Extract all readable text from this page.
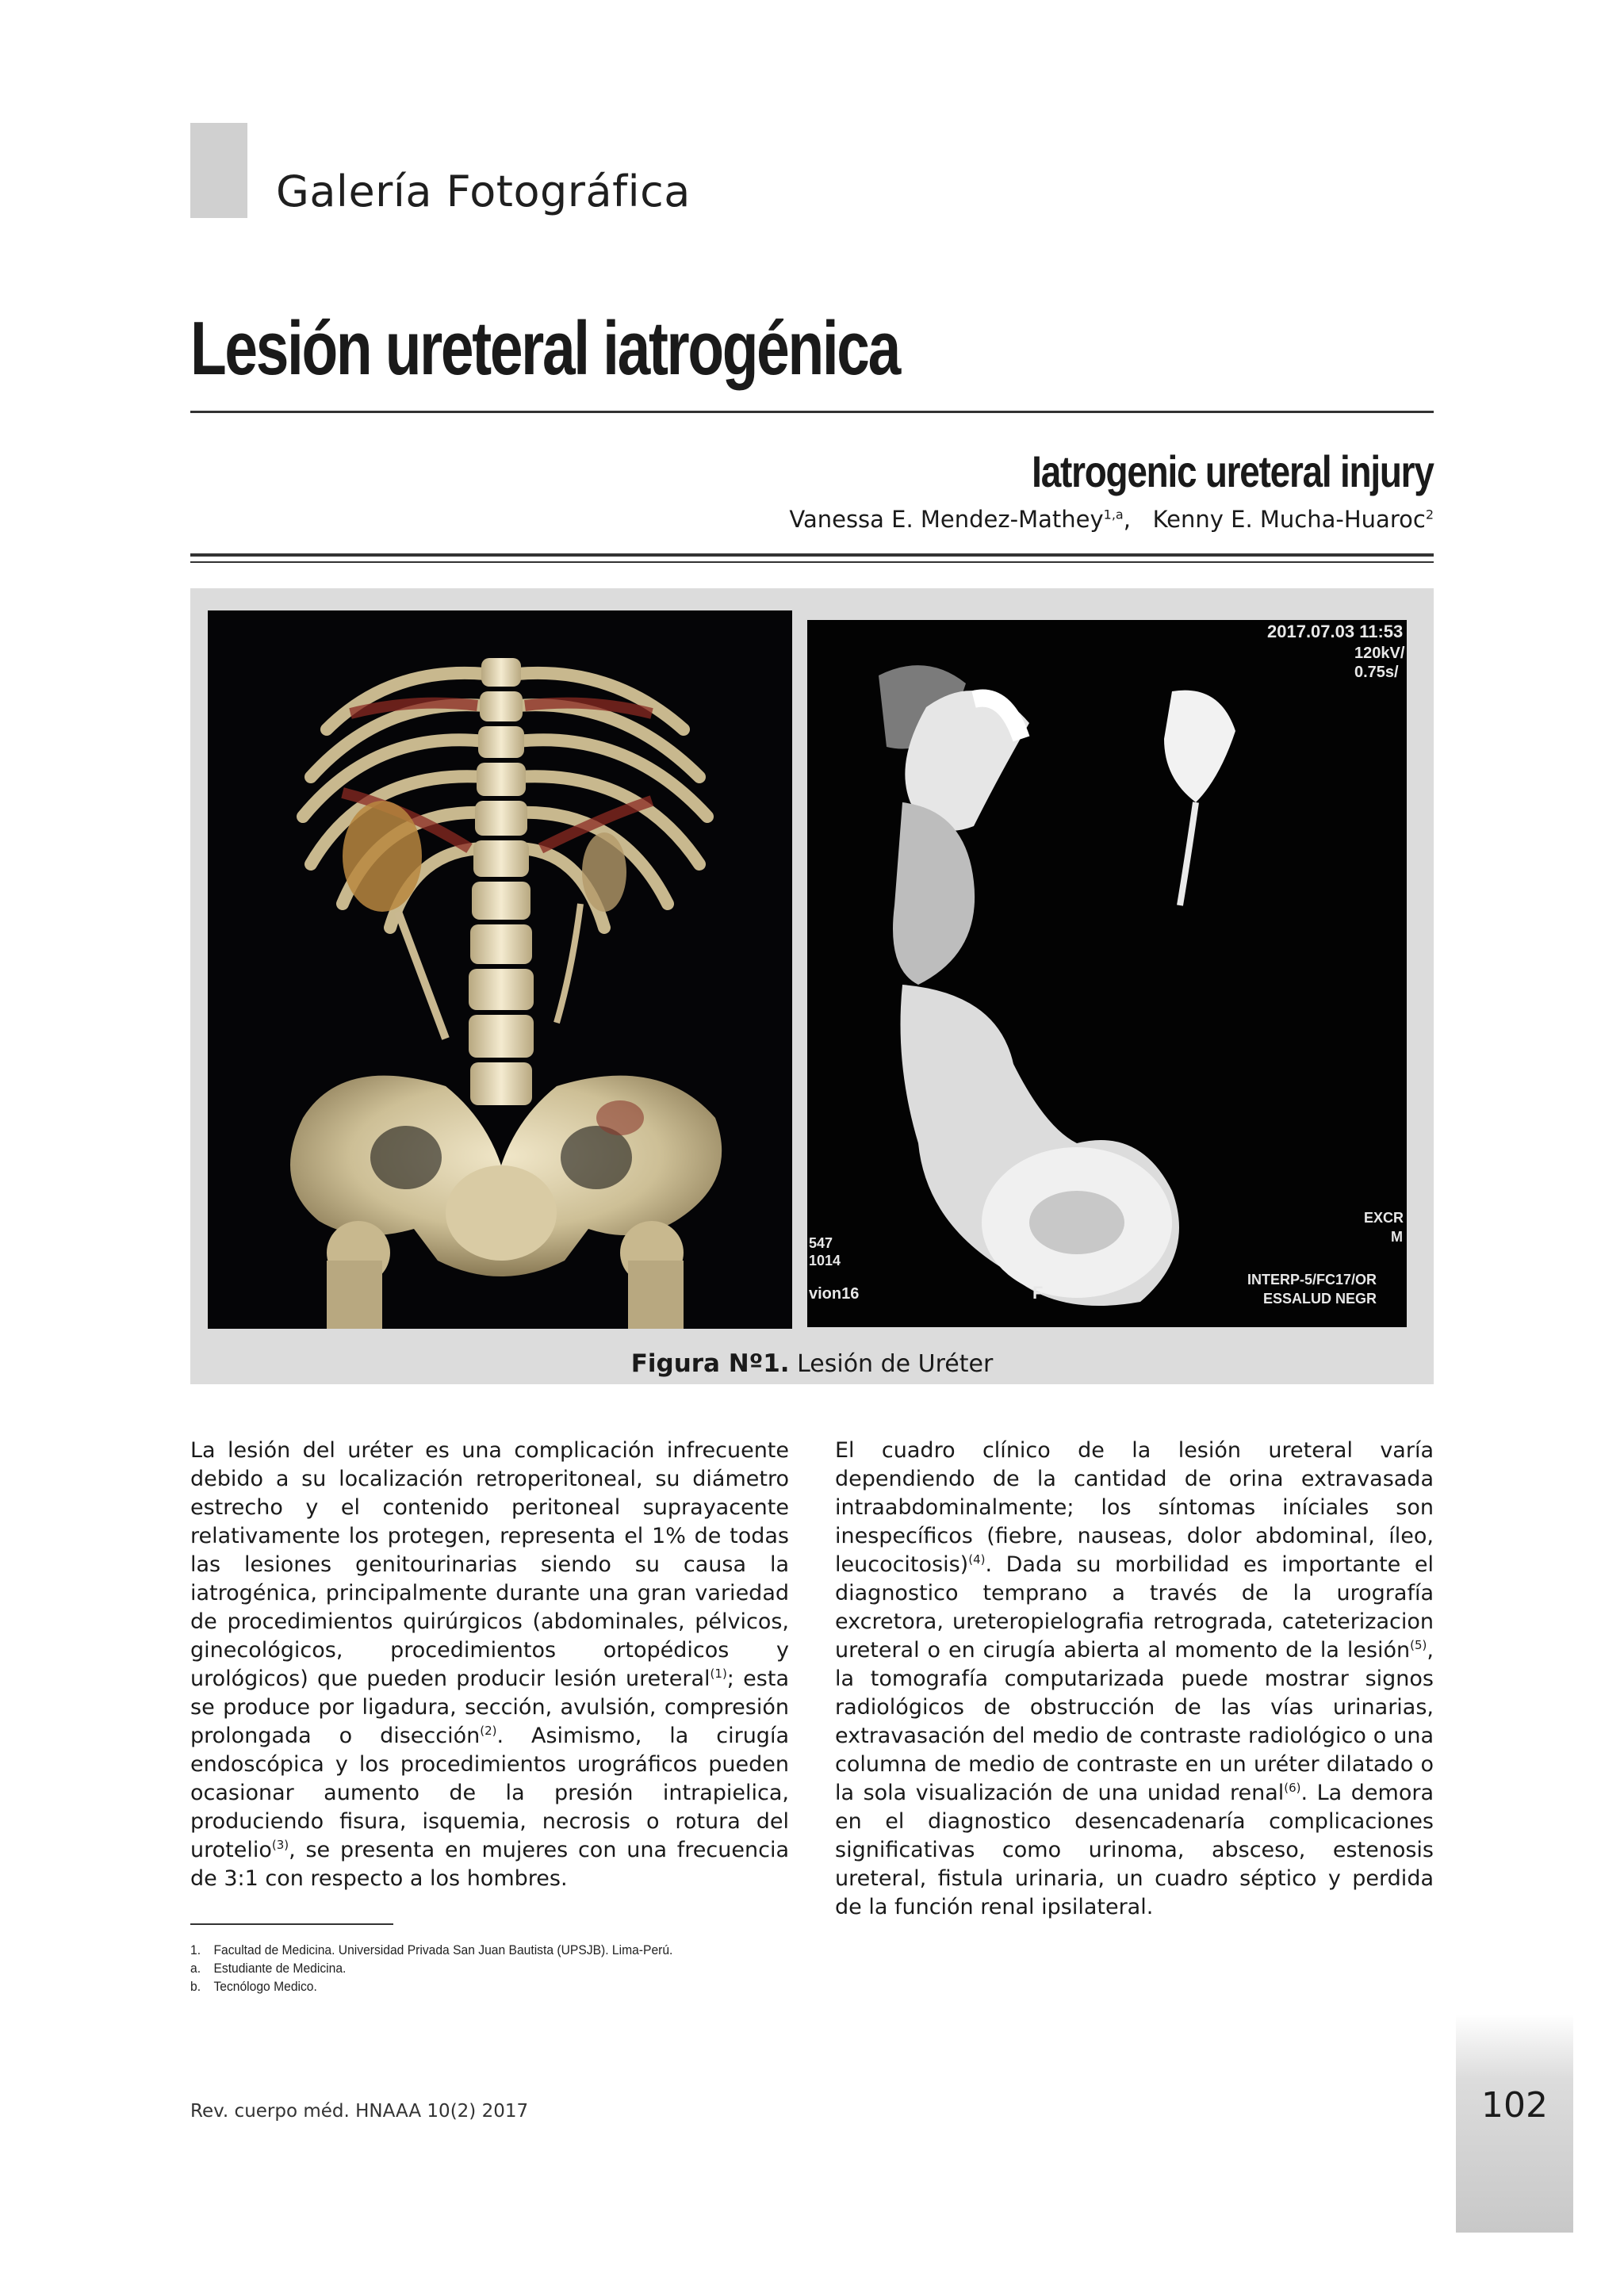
Galería Fotográfica
Lesión ureteral iatrogénica
Iatrogenic ureteral injury
Vanessa E. Mendez-Mathey$^{1,a}$,   Kenny E. Mucha-Huaroc$^2$
2017.07.03 11:53
120kV/
0.75s/
547
1014
vion16	F
EXCR
M
INTERP-5/FC17/OR
ESSALUD NEGR
Figura Nº1. Lesión de Uréter
La lesión del uréter es una complicación infrecuente debido a su localización retroperitoneal, su diámetro estrecho y el contenido peritoneal suprayacente relativamente los protegen, representa el 1% de todas las lesiones genitourinarias siendo su causa la iatrogénica, principalmente durante una gran variedad de procedimientos quirúrgicos (abdominales, pélvicos, ginecológicos, procedimientos ortopédicos y urológicos) que pueden producir lesión ureteral$^{(1)}$; esta se produce por ligadura, sección, avulsión, compresión prolongada o disección$^{(2)}$. Asimismo, la cirugía endoscópica y los procedimientos urográficos pueden ocasionar aumento de la presión intrapielica, produciendo fisura, isquemia, necrosis o rotura del urotelio$^{(3)}$, se presenta en mujeres con una frecuencia de 3:1 con respecto a los hombres.
El cuadro clínico de la lesión ureteral varía dependiendo de la cantidad de orina extravasada intraabdominalmente; los síntomas iníciales son inespecíficos (fiebre, nauseas, dolor abdominal, íleo, leucocitosis)$^{(4)}$. Dada su morbilidad es importante el diagnostico temprano a través de la urografía excretora, ureteropielografia retrograda, cateterizacion ureteral o en cirugía abierta al momento de la lesión$^{(5)}$, la tomografía computarizada puede mostrar signos radiológicos de obstrucción de las vías urinarias, extravasación del medio de contraste radiológico o una columna de medio de contraste en un uréter dilatado o la sola visualización de una unidad renal$^{(6)}$. La demora en el diagnostico desencadenaría complicaciones significativas como urinoma, absceso, estenosis ureteral, fistula urinaria, un cuadro séptico y perdida de la función renal ipsilateral.
1. Facultad de Medicina. Universidad Privada San Juan Bautista (UPSJB). Lima-Perú.
a. Estudiante de Medicina.
b. Tecnólogo Medico.
Rev. cuerpo méd. HNAAA 10(2) 2017	102
